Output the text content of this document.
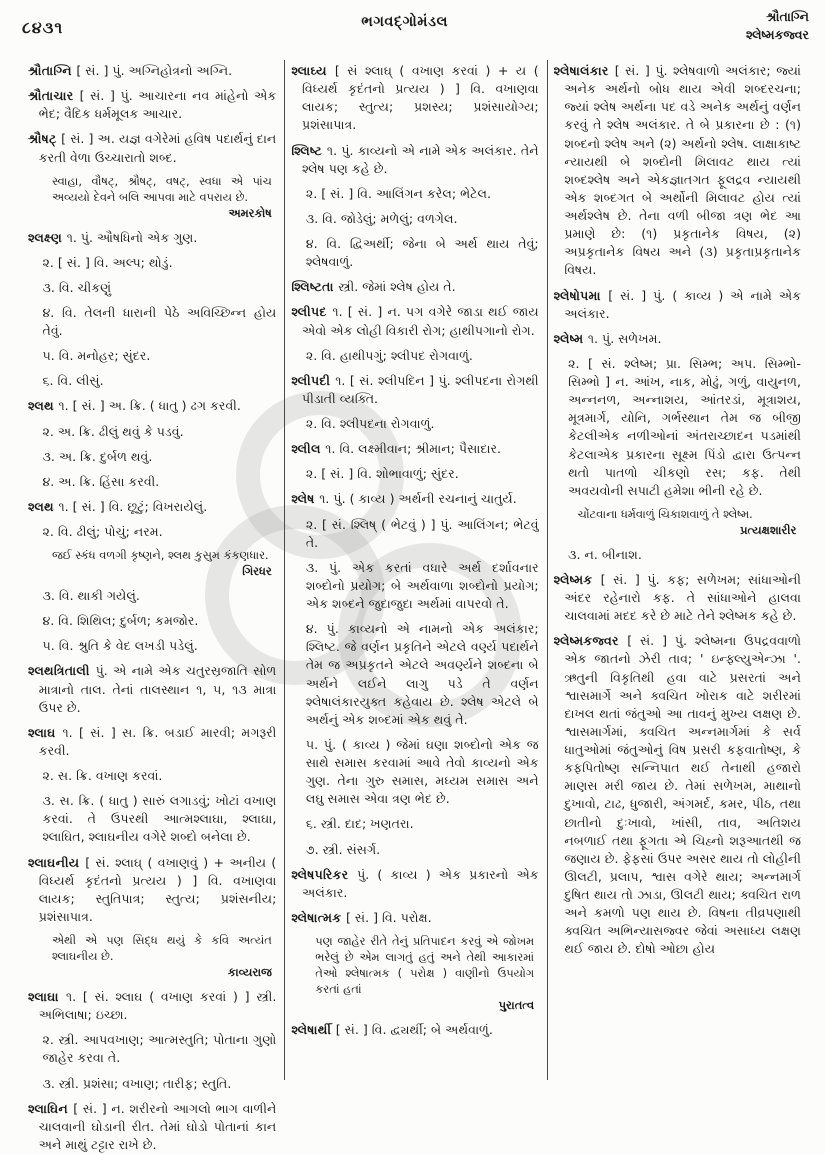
૮૪૩૧	ભગવદ્ગોમંડલ	શ્રૌતાગ્નિ
શ્લેષ્મકજ્વર

શ્રૌતાગ્નિ [ સં. ] પું. અગ્નિહોત્રનો અગ્નિ.

શ્રૌતાચાર [ સં. ] પું. આચારના નવ માંહેનો એક ભેદ; વૈદિક ધર્મમૂલક આચાર.

શ્રૌષટ્ [ સં. ] અ. યજ્ઞ વગેરેમાં હવિષ પદાર્થનું દાન કરતી વેળા ઉચ્ચારાતો શબ્દ.

સ્વાહા, વૌષટ્, શ્રૌષટ્, વષટ્, સ્વધા એ પાંચ અવ્યયો દેવને બલિ આપવા માટે વપરાય છે.
અમરકોષ

શ્લક્ષ્ણ ૧. પું. ઔષધિનો એક ગુણ.

૨. [ સં. ] વિ. અલ્પ; થોડું.

૩. વિ. ચીકણું

૪. વિ. તેલની ધારાની પેઠે અવિચ્છિન્ન હોય તેવું.

૫. વિ. મનોહર; સુંદર.

૬. વિ. લીસું.

શ્લથ ૧. [ સં. ] અ. ક્રિ. ( ધાતુ ) ઢગ કરવી.

૨. અ. ક્રિ. ઢીલું થવું કે પડવું.

૩. અ. ક્રિ. દુર્બળ થવું.

૪. અ. ક્રિ. હિંસા કરવી.

શ્લથ ૧. [ સં. ] વિ. છૂટું; વિખરાયેલું.

૨. વિ. ઢીલું; પોચું; નરમ.

જઈ સ્કંધ વળગી કૃષ્ણને, શ્લથ કુસુમ કંકણધાર.
ગિરધર

૩. વિ. થાકી ગયેલું.

૪. વિ. શિથિલ; દુર્બળ; કમજોર.

૫. વિ. શ્રુતિ કે વેદ લખડી પડેલું.

શ્લથત્રિતાલી પું. એ નામે એક ચતુરસ્રજાતિ સોળ માત્રાનો તાલ. તેનાં તાલસ્થાન ૧, ૫, ૧૩ માત્રા ઉપર છે.

શ્લાઘ ૧. [ સં. ] સ. ક્રિ. બડાઈ મારવી; મગરૂરી કરવી.

૨. સ. ક્રિ. વખાણ કરવાં.

૩. સ. ક્રિ. ( ધાતુ ) સારું લગાડવું; ખોટાં વખાણ કરવાં. તે ઉપરથી આત્મશ્લાઘા, શ્લાઘા, શ્લાઘિત, શ્લાઘનીય વગેરે શબ્દો બનેલા છે.

શ્લાઘનીય [ સં. શ્લાઘ્ ( વખાણવું ) + અનીય ( વિધ્યર્થ કૃદંતનો પ્રત્યય ) ] વિ. વખાણવા લાયક; સ્તુતિપાત્ર; સ્તુત્ય; પ્રશંસનીય; પ્રશંસાપાત્ર.

એથી એ પણ સિદ્ધ થયું કે કવિ અત્યંત શ્લાઘનીય છે.
કાવ્યરાજ

શ્લાઘા ૧. [ સં. શ્લાઘ ( વખાણ કરવાં ) ] સ્ત્રી. અભિલાષા; ઇચ્છા.

૨. સ્ત્રી. આપવખાણ; આત્મસ્તુતિ; પોતાના ગુણો જાહેર કરવા તે.

૩. સ્ત્રી. પ્રશંસા; વખાણ; તારીફ; સ્તુતિ.

શ્લાઘિન [ સં. ] ન. શરીરનો આગલો ભાગ વાળીને ચાલવાની ઘોડાની રીત. તેમાં ઘોડો પોતાનાં કાન અને માથું ટટ્ટાર રાખે છે.

શ્લાઘ્ય [ સં શ્લાઘ્ ( વખાણ કરવાં ) + ય ( વિધ્યર્થ કૃદંતનો પ્રત્યય ) ] વિ. વખાણવા લાયક; સ્તુત્ય; પ્રશસ્ય; પ્રશંસાયોગ્ય; પ્રશંસાપાત્ર.

શ્લિષ્ટ ૧. પું. કાવ્યનો એ નામે એક અલંકાર. તેને શ્લેષ પણ કહે છે.

૨. [ સં. ] વિ. આલિંગન કરેલ; ભેટેલ.

૩. વિ. જોડેલું; મળેલું; વળગેલ.

૪. વિ. દ્વિઅર્થી; જેના બે અર્થ થાય તેવું; શ્લેષવાળું.

શ્લિષ્ટતા સ્ત્રી. જેમાં શ્લેષ હોય તે.

શ્લીપદ ૧. [ સં. ] ન. પગ વગેરે જાડા થઈ જાય એવો એક લોહી વિકારી રોગ; હાથીપગાનો રોગ.

૨. વિ. હાથીપગું; શ્લીપદ રોગવાળું.

શ્લીપદી ૧. [ સં. શ્લીપદિન ] પું. શ્લીપદના રોગથી પીડાતી વ્યક્તિ.

૨. વિ. શ્લીપદના રોગવાળું.

શ્લીલ ૧. વિ. લક્ષ્મીવાન; શ્રીમાન; પૈસાદાર.

૨. [ સં. ] વિ. શોભાવાળું; સુંદર.

શ્લેષ ૧. પું. ( કાવ્ય ) અર્થની રચનાનું ચાતુર્ય.

૨. [ સં. શ્લિષ્ ( ભેટવું ) ] પું. આલિંગન; ભેટવું તે.

૩. પું. એક કરતાં વધારે અર્થ દર્શાવનાર શબ્દોનો પ્રયોગ; બે અર્થવાળા શબ્દોનો પ્રયોગ; એક શબ્દને જુદાજુદા અર્થમાં વાપરવો તે.

૪. પું. કાવ્યનો એ નામનો એક અલંકાર; શ્લિષ્ટ. જે વર્ણન પ્રકૃતિને એટલે વર્ણ્ય પદાર્થને તેમ જ અપ્રકૃતને એટલે અવર્ણ્યને શબ્દના બે અર્થને લઈને લાગુ પડે તે વર્ણન શ્લેષાલંકારયુક્ત કહેવાય છે. શ્લેષ એટલે બે અર્થનું એક શબ્દમાં એક થવું તે.

૫. પું. ( કાવ્ય ) જેમાં ઘણા શબ્દોનો એક જ સાથે સમાસ કરવામાં આવે તેવો કાવ્યનો એક ગુણ. તેના ગુરુ સમાસ, મધ્યમ સમાસ અને લઘુ સમાસ એવા ત્રણ ભેદ છે.

૬. સ્ત્રી. દાદ; ખણતરા.

૭. સ્ત્રી. સંસર્ગ.

શ્લેષપરિકર પું. ( કાવ્ય ) એક પ્રકારનો એક અલંકાર.

શ્લેષાત્મક [ સં. ] વિ. પરોક્ષ.

પણ જાહેર રીતે તેનું પ્રતિપાદન કરવું એ જોખમ ભરેલું છે એમ લાગતું હતું અને તેથી આકારમાં તેઓ શ્લેષાત્મક ( પરોક્ષ ) વાણીનો ઉપયોગ કરતાં હતાં
પુરાતત્વ

શ્લેષાર્થી [ સં. ] વિ. દ્વ્યર્થી; બે અર્થવાળું.

શ્લેષાલંકાર [ સં. ] પું. શ્લેષવાળો અલંકાર; જ્યાં અનેક અર્થનો બોધ થાય એવી શબ્દરચના; જ્યાં શ્લેષ અર્થના પદ વડે અનેક અર્થનું વર્ણન કરવું તે શ્લેષ અલંકાર. તે બે પ્રકારના છે : (૧) શબ્દનો શ્લેષ અને (૨) અર્થનો શ્લેષ. લાક્ષાકાષ્ટ ન્યાયથી બે શબ્દોની મિલાવટ થાય ત્યાં શબ્દશ્લેષ અને એકજ્ઞાતગત ફૂલદ્રવ ન્યાયથી એક શબ્દગત બે અર્થોની મિલાવટ હોય ત્યાં અર્થશ્લેષ છે. તેના વળી બીજા ત્રણ ભેદ આ પ્રમાણે છે: (૧) પ્રકૃતાનેક વિષય, (૨) અપ્રકૃતાનેક વિષય અને (૩) પ્રકૃતાપ્રકૃતાનેક વિષય.

શ્લેષોપમા [ સં. ] પું. ( કાવ્ય ) એ નામે એક અલંકાર.

શ્લેષ્મ ૧. પું. સળેખમ.

૨. [ સં. શ્લેષ્મ; પ્રા. સિમ્ભ; અપ. સિમ્ભો-સિમ્ભો ] ન. આંખ, નાક, મોઢું, ગળું, વાયુનળ, અન્નનળ, અન્નાશય, આંતરડાં, મૂત્રાશય, મૂત્રમાર્ગ, યોનિ, ગર્ભસ્થાન તેમ જ બીજી કેટલીએક નળીઓનાં અંતરાચ્છાદન પડમાંથી કેટલાએક પ્રકારના સૂક્ષ્મ પિંડો દ્વારા ઉત્પન્ન થતો પાતળો ચીકણો રસ; કફ. તેથી અવયવોની સપાટી હમેશા ભીની રહે છે.

ચોંટવાના ધર્મવાળું ચિકાશવાળું તે શ્લેષ્મ.
પ્રત્યક્ષશારીર

૩. ન. બીનાશ.

શ્લેષ્મક [ સં. ] પું. કફ; સળેખમ; સાંધાઓની અંદર રહેનારો કફ. તે સાંધાઓને હાલવા ચાલવામાં મદદ કરે છે માટે તેને શ્લેષ્મક કહે છે.

શ્લેષ્મકજ્વર [ સં. ] પું. શ્લેષ્મના ઉપદ્રવવાળો એક જાતનો ઝેરી તાવ; ' ઇન્ફ્લ્યુએન્ઝા '. ઋતુની વિકૃતિથી હવા વાટે પ્રસરતાં અને શ્વાસમાર્ગે અને ક્વચિત ખોરાક વાટે શરીરમાં દાખલ થતાં જંતુઓ આ તાવનું મુખ્ય લક્ષણ છે. શ્વાસમાર્ગમાં, ક્વચિત અન્નમાર્ગમાં કે સર્વ ધાતુઓમાં જંતુઓનું વિષ પ્રસરી કફવાતોષ્ણ, કે કફપિતોષ્ણ સન્નિપાત થઈ તેનાથી હજારો માણસ મરી જાય છે. તેમાં સળેખમ, માથાનો દુખાવો, ટાઢ, ધુજારી, અંગમર્દ, કમર, પીઠ, તથા છાતીનો દુઃખાવો, ખાંસી, તાવ, અતિશય નબળાઈ તથા ફૂગતા એ ચિહ્નો શરૂઆતથી જ જણાય છે. ફેફસાં ઉપર અસર થાય તો લોહીની ઊલટી, પ્રલાપ, શ્વાસ વગેરે થાય; અન્નમાર્ગ દુષિત થાય તો ઝાડા, ઊલટી થાય; ક્વચિત રાળ અને કમળો પણ થાય છે. વિષના તીવ્રપણાથી ક્વચિત અભિન્યાસજ્વર જેવાં અસાધ્ય લક્ષણ થઈ જાય છે. દોષો ઓછા હોય
